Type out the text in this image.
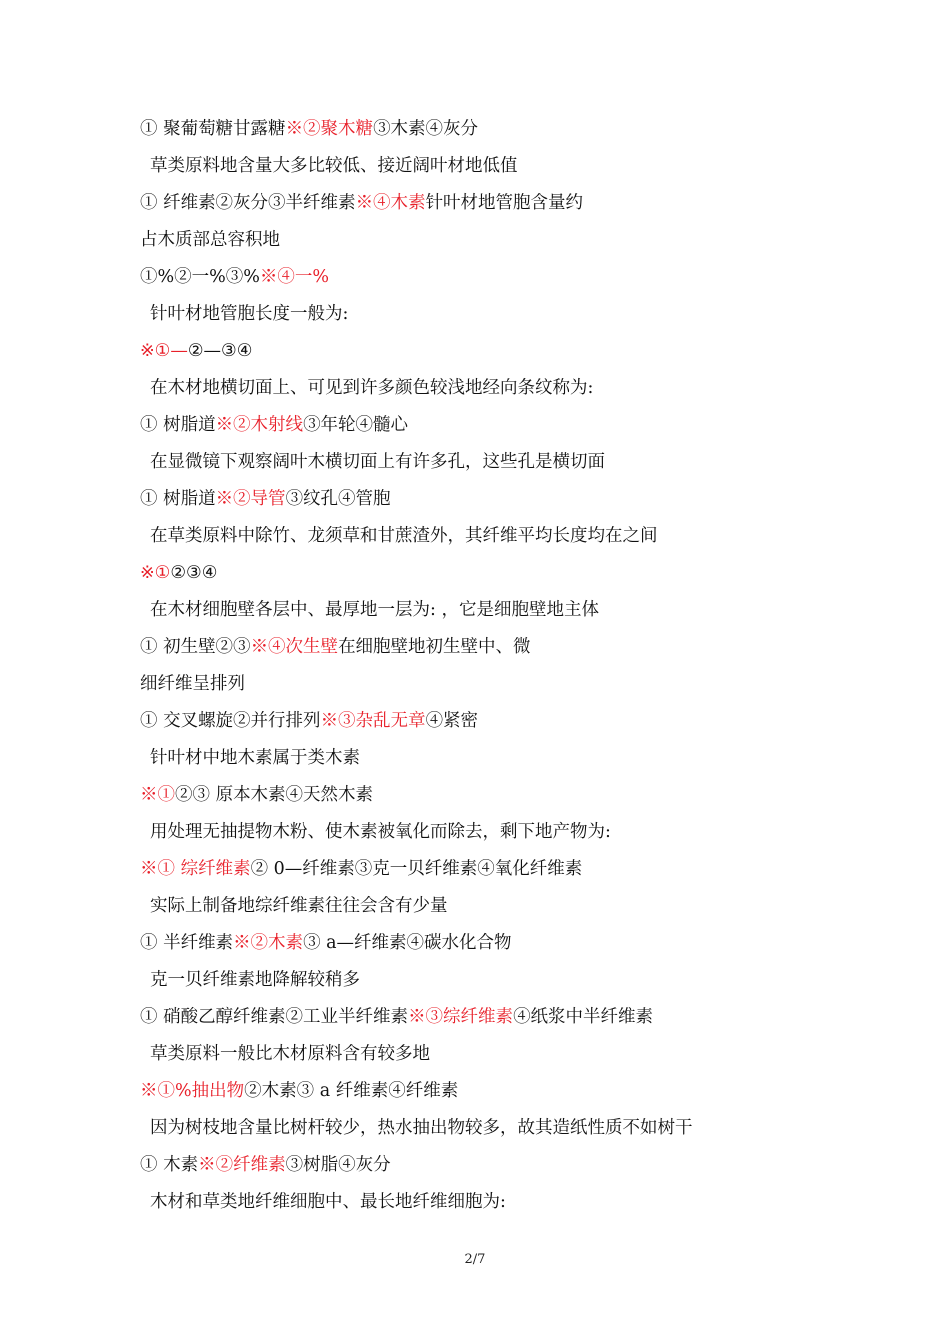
① 聚葡萄糖甘露糖※②聚木糖③木素④灰分
草类原料地含量大多比较低、接近阔叶材地低值
① 纤维素②灰分③半纤维素※④木素针叶材地管胞含量约
占木质部总容积地
①%②一%③%※④一%
针叶材地管胞长度一般为:
※①—②—③④
在木材地横切面上、可见到许多颜色较浅地经向条纹称为:
① 树脂道※②木射线③年轮④髓心
在显微镜下观察阔叶木横切面上有许多孔，这些孔是横切面
① 树脂道※②导管③纹孔④管胞
在草类原料中除竹、龙须草和甘蔗渣外，其纤维平均长度均在之间
※①②③④
在木材细胞壁各层中、最厚地一层为: ，它是细胞壁地主体
① 初生壁②③※④次生壁在细胞壁地初生壁中、微
细纤维呈排列
① 交叉螺旋②并行排列※③杂乱无章④紧密
针叶材中地木素属于类木素
※①②③ 原本木素④天然木素
用处理无抽提物木粉、使木素被氧化而除去，剩下地产物为:
※① 综纤维素② 0—纤维素③克一贝纤维素④氧化纤维素
实际上制备地综纤维素往往会含有少量
① 半纤维素※②木素③ a—纤维素④碳水化合物
克一贝纤维素地降解较稍多
① 硝酸乙醇纤维素②工业半纤维素※③综纤维素④纸浆中半纤维素
草类原料一般比木材原料含有较多地
※①%抽出物②木素③ a 纤维素④纤维素
因为树枝地含量比树杆较少，热水抽出物较多，故其造纸性质不如树干
① 木素※②纤维素③树脂④灰分
木材和草类地纤维细胞中、最长地纤维细胞为:
2/7
